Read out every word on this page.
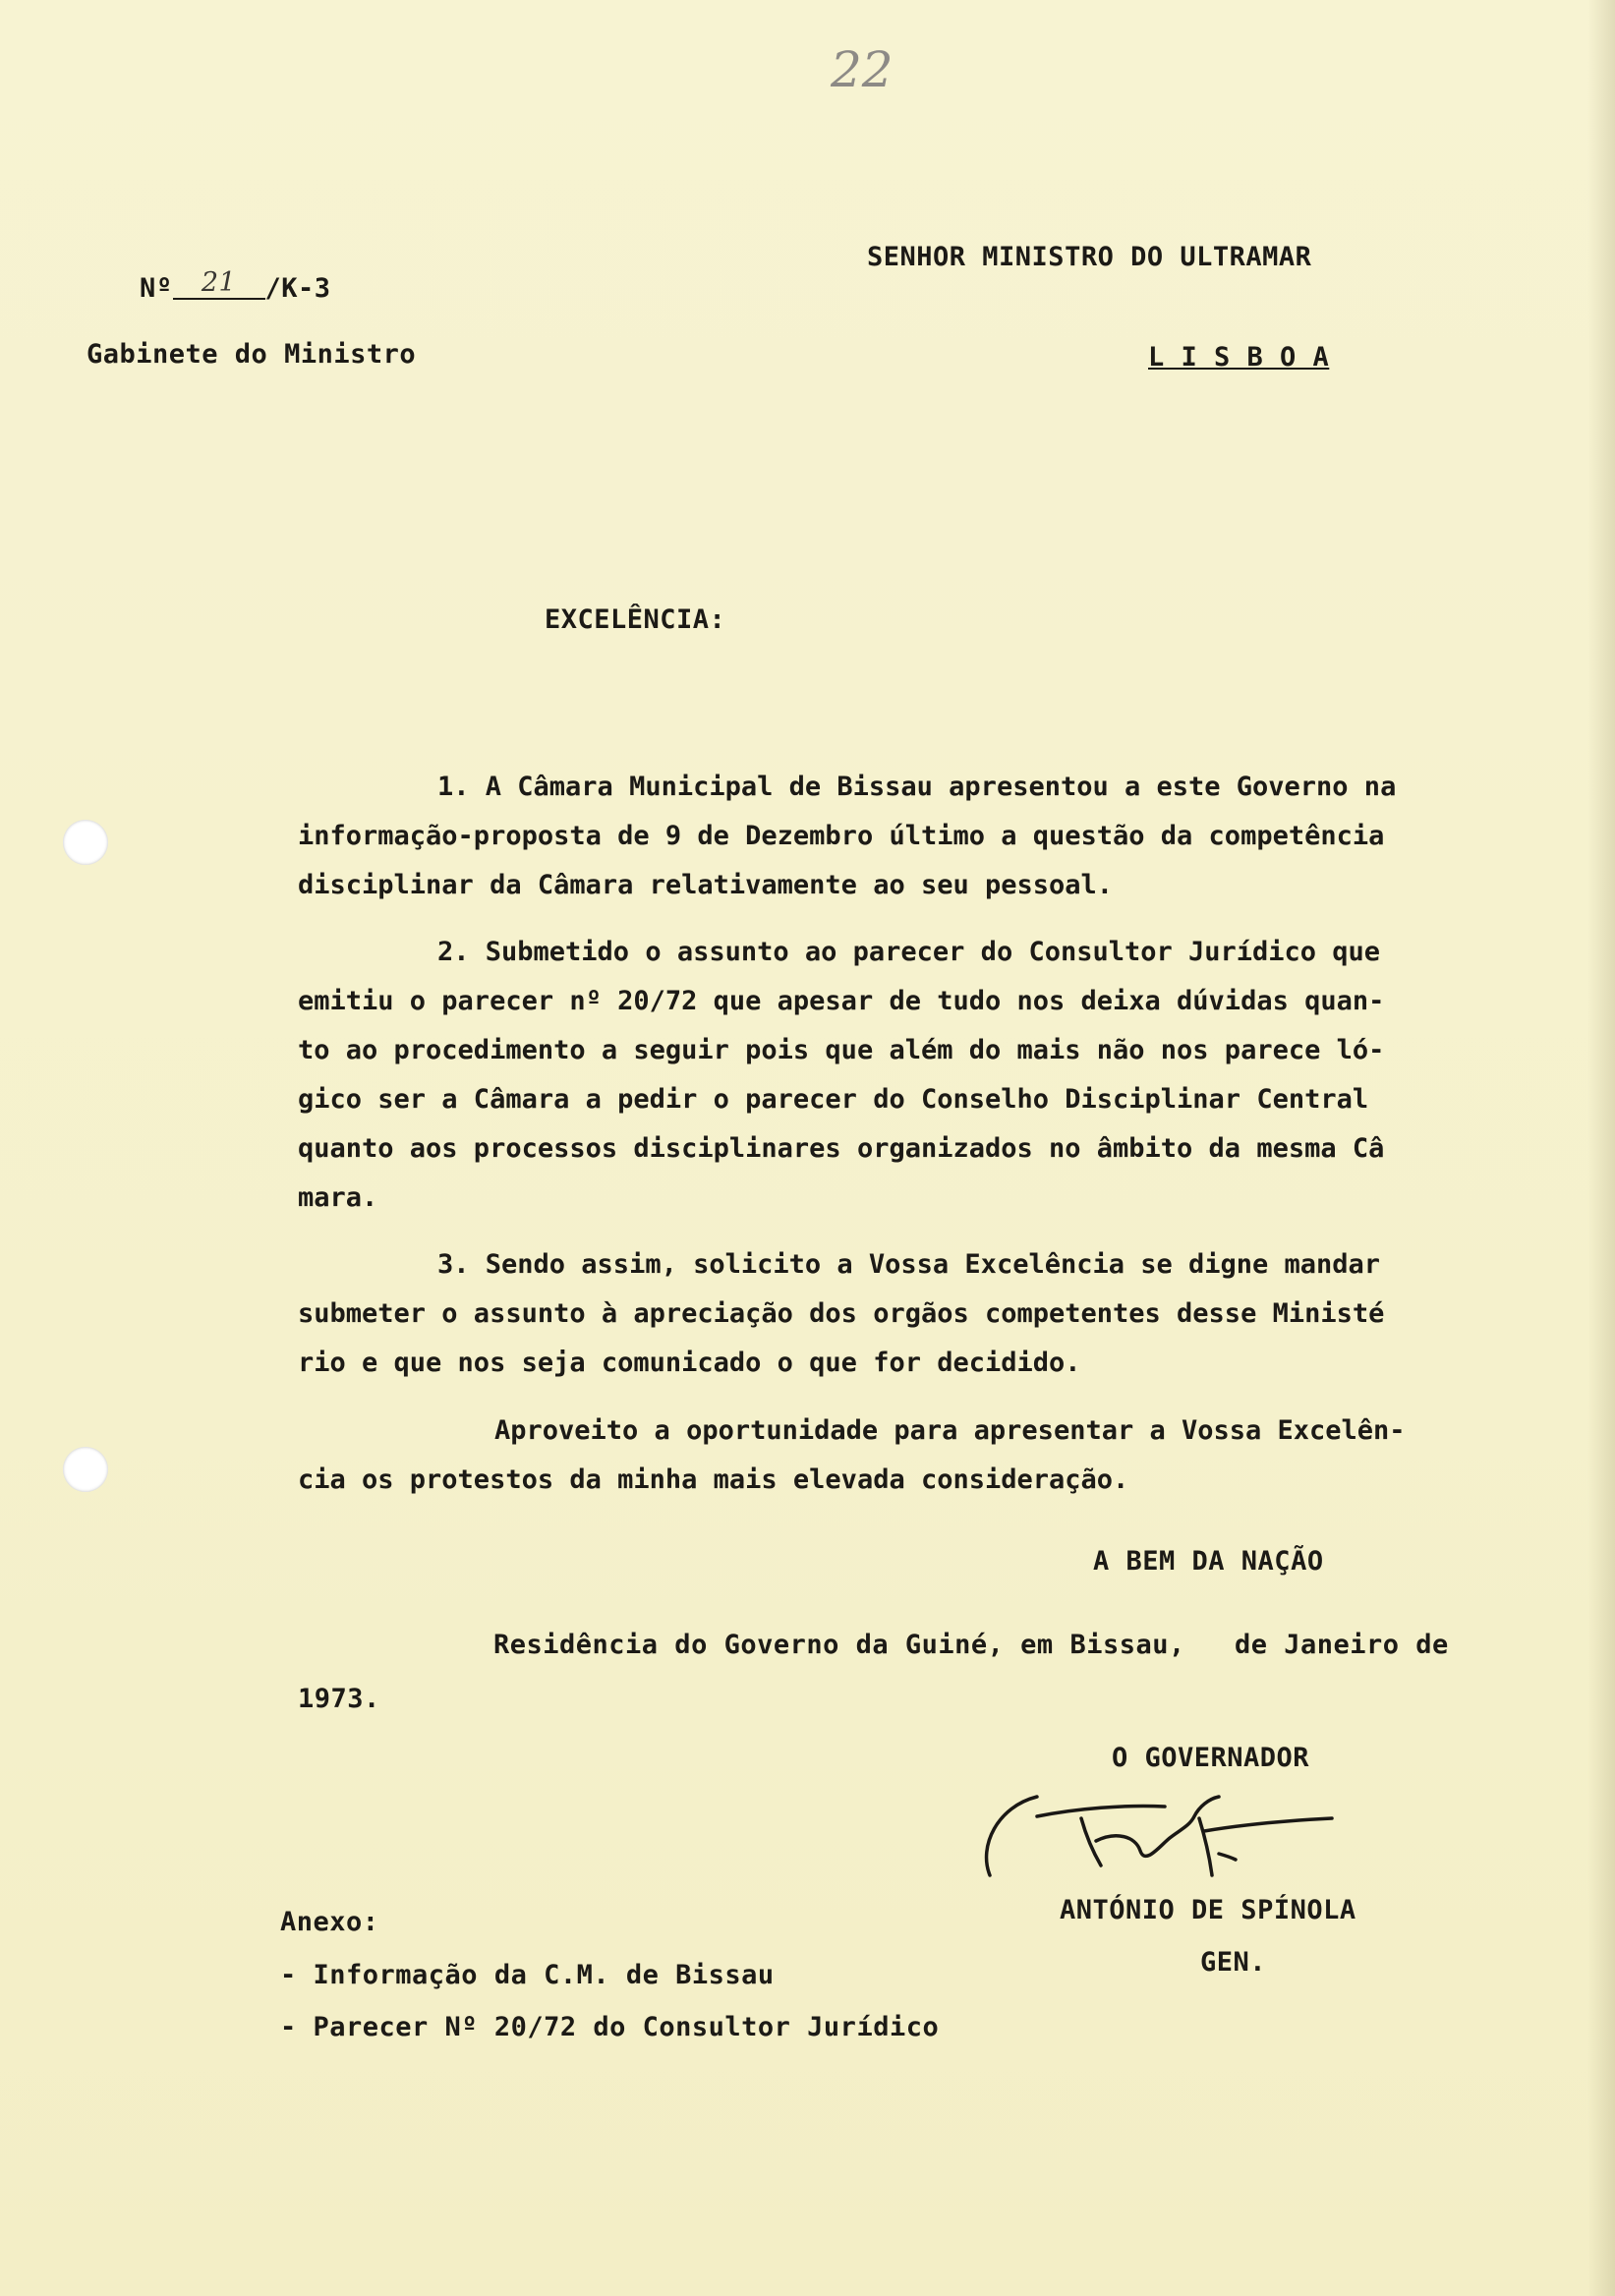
22
Nº 21 /K-3
Gabinete do Ministro
SENHOR MINISTRO DO ULTRAMAR
L I S B O A
EXCELÊNCIA:
1. A Câmara Municipal de Bissau apresentou a este Governo na
informação-proposta de 9 de Dezembro último a questão da competência
disciplinar da Câmara relativamente ao seu pessoal.
2. Submetido o assunto ao parecer do Consultor Jurídico que
emitiu o parecer nº 20/72 que apesar de tudo nos deixa dúvidas quan-
to ao procedimento a seguir pois que além do mais não nos parece ló-
gico ser a Câmara a pedir o parecer do Conselho Disciplinar Central
quanto aos processos disciplinares organizados no âmbito da mesma Câ
mara.
3. Sendo assim, solicito a Vossa Excelência se digne mandar
submeter o assunto à apreciação dos orgãos competentes desse Ministé
rio e que nos seja comunicado o que for decidido.
Aproveito a oportunidade para apresentar a Vossa Excelên-
cia os protestos da minha mais elevada consideração.
A BEM DA NAÇÃO
Residência do Governo da Guiné, em Bissau,   de Janeiro de
1973.
O GOVERNADOR
ANTÓNIO DE SPÍNOLA
GEN.
Anexo:
- Informação da C.M. de Bissau
- Parecer Nº 20/72 do Consultor Jurídico
